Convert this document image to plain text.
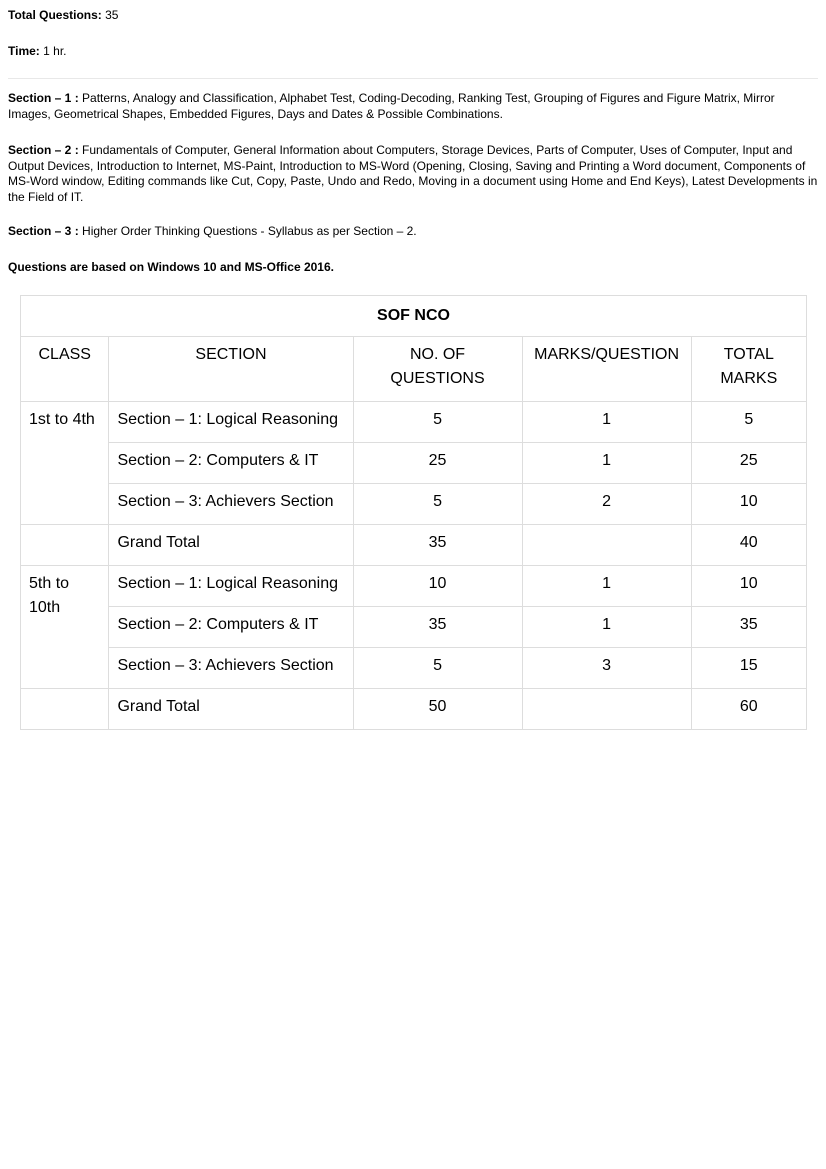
Total Questions: 35
Time: 1 hr.

Section – 1 : Patterns, Analogy and Classification, Alphabet Test, Coding-Decoding, Ranking Test, Grouping of Figures and Figure Matrix, Mirror Images, Geometrical Shapes, Embedded Figures, Days and Dates & Possible Combinations.

Section – 2 : Fundamentals of Computer, General Information about Computers, Storage Devices, Parts of Computer, Uses of Computer, Input and Output Devices, Introduction to Internet, MS-Paint, Introduction to MS-Word (Opening, Closing, Saving and Printing a Word document, Components of MS-Word window, Editing commands like Cut, Copy, Paste, Undo and Redo, Moving in a document using Home and End Keys), Latest Developments in the Field of IT.

Section – 3 : Higher Order Thinking Questions - Syllabus as per Section – 2.

Questions are based on Windows 10 and MS-Office 2016.
SOF NCO				
CLASS	SECTION	NO. OF QUESTIONS	MARKS/QUESTION	TOTAL MARKS
1st to 4th	Section – 1: Logical Reasoning	5	1	5
	Section – 2: Computers & IT	25	1	25
	Section – 3: Achievers Section	5	2	10
	Grand Total	35		40
5th to 10th	Section – 1: Logical Reasoning	10	1	10
	Section – 2: Computers & IT	35	1	35
	Section – 3: Achievers Section	5	3	15
	Grand Total	50		60
